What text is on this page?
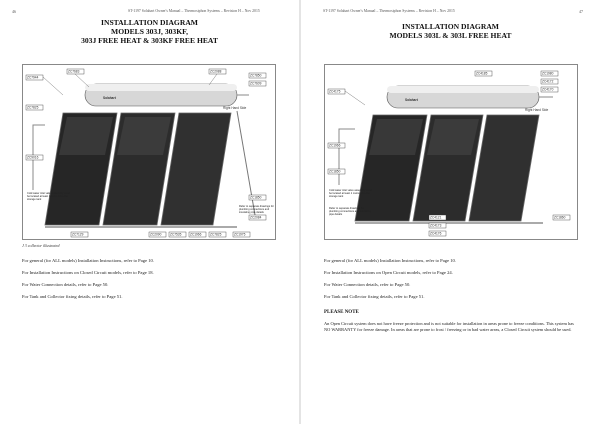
46	ST-1197 Solahart Owner's Manual – Thermosiphon Systems – Revision H – Nov 2015
INSTALLATION DIAGRAM
MODELS 303J, 303KF,
303J FREE HEAT & 303KF FREE HEAT
Solahart
ZC7944
ZC7683	ZC2088
ZC7850
ZC7609
ZC7825
ZC9016
ZC7129	ZC2090	ZC7535	ZC1966	ZC7825
ZC1850
ZC2084
ZC1975
Right Hand Side
Cold water inlet valve assembly must be located at least 1 metre from the storage tank
Refer to separate drawings for plumbing connections and insulating pipe details
J 3 collector illustrated
For general (for ALL models) Installation Instructions, refer to Page 10.
For Installation Instructions on Closed Circuit models, refer to Page 18.
For Water Connection details, refer to Page 50.
For Tank and Collector fixing details, refer to Page 51.
ST-1197 Solahart Owner's Manual – Thermosiphon Systems – Revision H – Nov 2015	47
INSTALLATION DIAGRAM
MODELS 303L & 303L FREE HEAT
Solahart
ZC4175
ZC4185	ZC1980
ZC4172
ZC4170
ZC1966
ZC1850
ZC4121
ZC4173
ZC4176
ZC1860
Right Hand Side
Cold water inlet valve assembly must be located at least 1 metre from the storage tank
Refer to separate drawings for plumbing connections and insulating pipe details
For general (for ALL models) Installation Instructions, refer to Page 10.
For Installation Instructions on Open Circuit models, refer to Page 24.
For Water Connection details, refer to Page 50.
For Tank and Collector fixing details, refer to Page 51.
PLEASE NOTE
An Open Circuit system does not have freeze protection and is not suitable for installation in areas prone to freeze conditions. This system has NO WARRANTY for freeze damage. In areas that are prone to frost / freezing or in bad water areas, a Closed Circuit system should be used.
